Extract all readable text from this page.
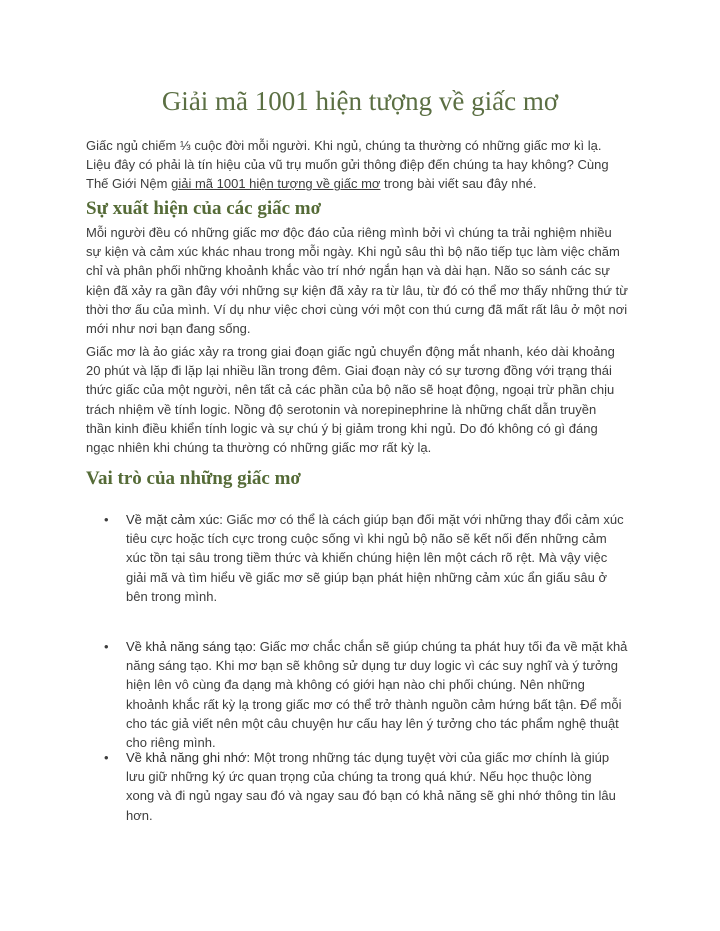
Giải mã 1001 hiện tượng về giấc mơ

Giấc ngủ chiếm ⅓ cuộc đời mỗi người. Khi ngủ, chúng ta thường có những giấc mơ kì lạ.
Liệu đây có phải là tín hiệu của vũ trụ muốn gửi thông điệp đến chúng ta hay không? Cùng
Thế Giới Nệm giải mã 1001 hiện tượng về giấc mơ trong bài viết sau đây nhé.

Sự xuất hiện của các giấc mơ

Mỗi người đều có những giấc mơ độc đáo của riêng mình bởi vì chúng ta trải nghiệm nhiều
sự kiện và cảm xúc khác nhau trong mỗi ngày. Khi ngủ sâu thì bộ não tiếp tục làm việc chăm
chỉ và phân phối những khoảnh khắc vào trí nhớ ngắn hạn và dài hạn. Não so sánh các sự
kiện đã xảy ra gần đây với những sự kiện đã xảy ra từ lâu, từ đó có thể mơ thấy những thứ từ
thời thơ ấu của mình. Ví dụ như việc chơi cùng với một con thú cưng đã mất rất lâu ở một nơi
mới như nơi bạn đang sống.

Giấc mơ là ảo giác xảy ra trong giai đoạn giấc ngủ chuyển động mắt nhanh, kéo dài khoảng
20 phút và lặp đi lặp lại nhiều lần trong đêm. Giai đoạn này có sự tương đồng với trạng thái
thức giấc của một người, nên tất cả các phần của bộ não sẽ hoạt động, ngoại trừ phần chịu
trách nhiệm về tính logic. Nồng độ serotonin và norepinephrine là những chất dẫn truyền
thần kinh điều khiển tính logic và sự chú ý bị giảm trong khi ngủ. Do đó không có gì đáng
ngạc nhiên khi chúng ta thường có những giấc mơ rất kỳ lạ.

Vai trò của những giấc mơ
• Về mặt cảm xúc: Giấc mơ có thể là cách giúp bạn đối mặt với những thay đổi cảm xúc
tiêu cực hoặc tích cực trong cuộc sống vì khi ngủ bộ não sẽ kết nối đến những cảm
xúc tồn tại sâu trong tiềm thức và khiến chúng hiện lên một cách rõ rệt. Mà vậy việc
giải mã và tìm hiểu về giấc mơ sẽ giúp bạn phát hiện những cảm xúc ẩn giấu sâu ở
bên trong mình.
• Về khả năng sáng tạo: Giấc mơ chắc chắn sẽ giúp chúng ta phát huy tối đa về mặt khả
năng sáng tạo. Khi mơ bạn sẽ không sử dụng tư duy logic vì các suy nghĩ và ý tưởng
hiện lên vô cùng đa dạng mà không có giới hạn nào chi phối chúng. Nên những
khoảnh khắc rất kỳ lạ trong giấc mơ có thể trở thành nguồn cảm hứng bất tận. Để mỗi
cho tác giả viết nên một câu chuyện hư cấu hay lên ý tưởng cho tác phẩm nghệ thuật
cho riêng mình.
• Về khả năng ghi nhớ: Một trong những tác dụng tuyệt vời của giấc mơ chính là giúp
lưu giữ những ký ức quan trọng của chúng ta trong quá khứ. Nếu học thuộc lòng
xong và đi ngủ ngay sau đó và ngay sau đó bạn có khả năng sẽ ghi nhớ thông tin lâu
hơn.
